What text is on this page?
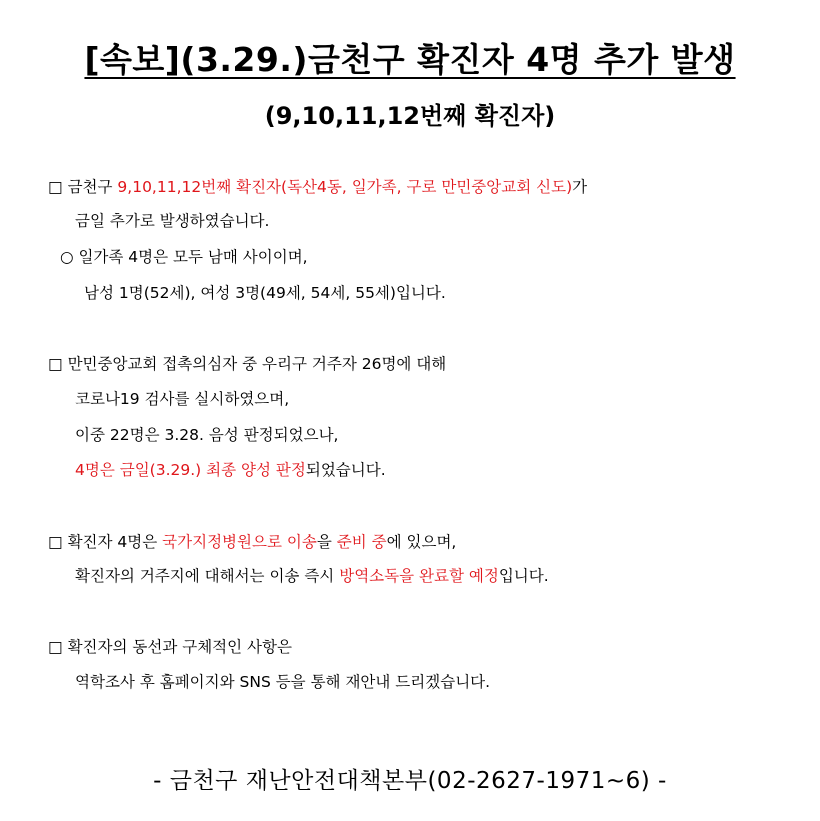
[속보](3.29.)금천구 확진자 4명 추가 발생
(9,10,11,12번째 확진자)
□ 금천구 9,10,11,12번째 확진자(독산4동, 일가족, 구로 만민중앙교회 신도)가
금일 추가로 발생하였습니다.
○ 일가족 4명은 모두 남매 사이이며,
남성 1명(52세), 여성 3명(49세, 54세, 55세)입니다.
□ 만민중앙교회 접촉의심자 중 우리구 거주자 26명에 대해
코로나19 검사를 실시하였으며,
이중 22명은 3.28. 음성 판정되었으나,
4명은 금일(3.29.) 최종 양성 판정되었습니다.
□ 확진자 4명은 국가지정병원으로 이송을 준비 중에 있으며,
확진자의 거주지에 대해서는 이송 즉시 방역소독을 완료할 예정입니다.
□ 확진자의 동선과 구체적인 사항은
역학조사 후 홈페이지와 SNS 등을 통해 재안내 드리겠습니다.
- 금천구 재난안전대책본부(02-2627-1971~6) -
